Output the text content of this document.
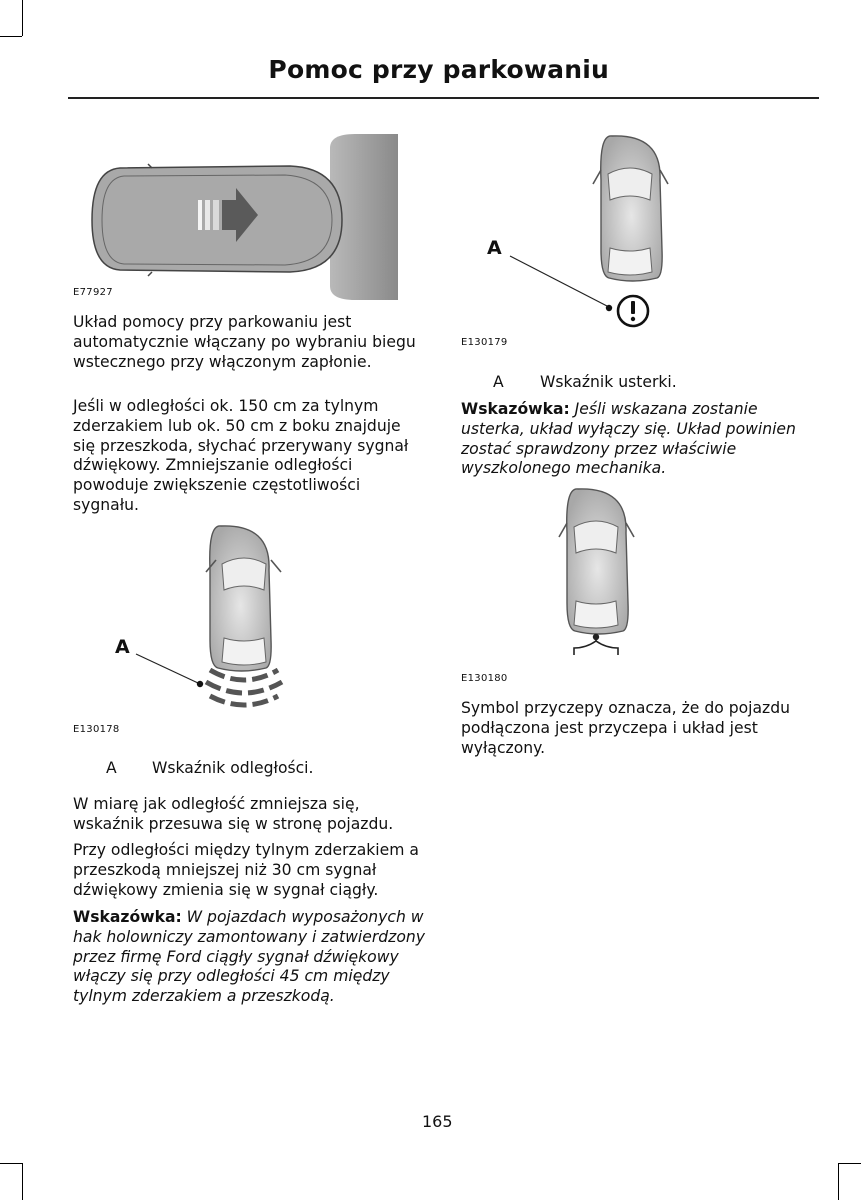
Pomoc przy parkowaniu
E77927

Układ pomocy przy parkowaniu jest automatycznie włączany po wybraniu biegu wstecznego przy włączonym zapłonie.

Jeśli w odległości ok. 150 cm za tylnym zderzakiem lub ok. 50 cm z boku znajduje się przeszkoda, słychać przerywany sygnał dźwiękowy. Zmniejszanie odległości powoduje zwiększenie częstotliwości sygnału.

A
E130178
A Wskaźnik odległości.

W miarę jak odległość zmniejsza się, wskaźnik przesuwa się w stronę pojazdu.

Przy odległości między tylnym zderzakiem a przeszkodą mniejszej niż 30 cm sygnał dźwiękowy zmienia się w sygnał ciągły.

Wskazówka: W pojazdach wyposażonych w hak holowniczy zamontowany i zatwierdzony przez firmę Ford ciągły sygnał dźwiękowy włączy się przy odległości 45 cm między tylnym zderzakiem a przeszkodą.

A
E130179
A Wskaźnik usterki.

Wskazówka: Jeśli wskazana zostanie usterka, układ wyłączy się. Układ powinien zostać sprawdzony przez właściwie wyszkolonego mechanika.

E130180

Symbol przyczepy oznacza, że do pojazdu podłączona jest przyczepa i układ jest wyłączony.

165
